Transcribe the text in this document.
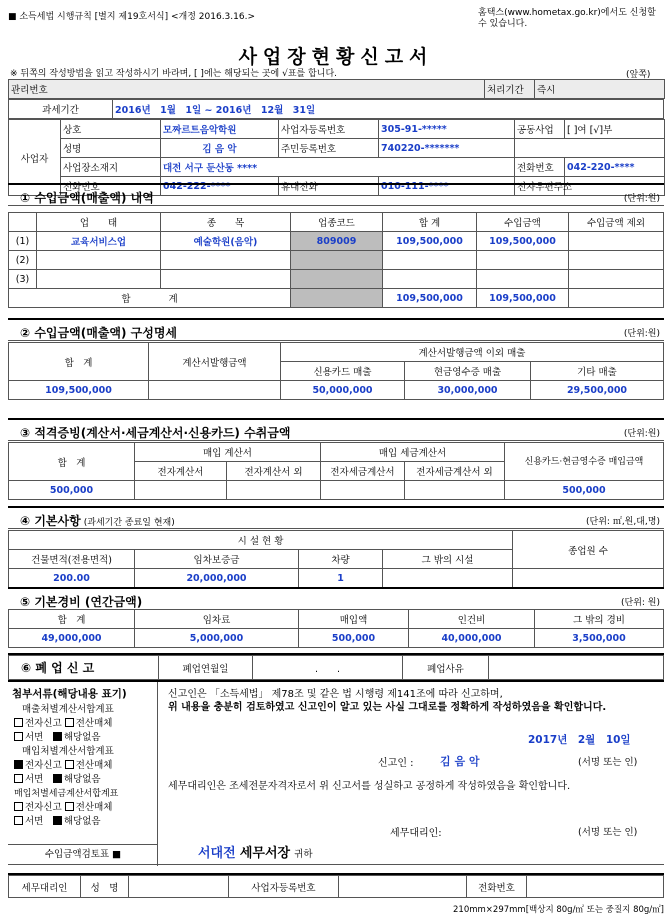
■ 소득세법 시행규칙 [별지 제19호서식] <개정 2016.3.16.>	홈택스(www.hometax.go.kr)에서도 신청할 수 있습니다.
사업장현황신고서
※ 뒤쪽의 작성방법을 읽고 작성하시기 바라며, [ ]에는 해당되는 곳에 √표를 합니다.	(앞쪽)
관리번호	처리기간	즉시
과세기간	2016년　1월　1일 ~ 2016년　12월　31일
사업자	상호	모짜르트음악학원	사업자등록번호	305-91-*****	공동사업	[ ]여 [√]부
	성명	김 음 악	주민등록번호	740220-*******		
	사업장소재지	대전 서구 둔산동 ****			전화번호	042-220-****
	전화번호	042-222-****	휴대전화	010-111-****	전자우편주소	
① 수입금액(매출액) 내역	(단위:원)
	업　　태	종　　목	업종코드	합 계	수입금액	수입금액 제외
(1)	교육서비스업	예술학원(음악)	809009	109,500,000	109,500,000	
(2)						
(3)						
합　　　　계				109,500,000	109,500,000	
② 수입금액(매출액) 구성명세	(단위:원)
합　계	계산서발행금액	계산서발행금액 이외 매출		
		신용카드 매출	현금영수증 매출	기타 매출
109,500,000		50,000,000	30,000,000	29,500,000
③ 적격증빙(계산서·세금계산서·신용카드) 수취금액	(단위:원)
합　계	매입 계산서		매입 세금계산서		신용카드·현금영수증 매입금액
	전자계산서	전자계산서 외	전자세금계산서	전자세금계산서 외	
500,000					500,000
④ 기본사항 (과세기간 종료일 현재)	(단위: ㎡,원,대,명)
시 설 현 황				종업원 수
건물면적(전용면적)	임차보증금	차량	그 밖의 시설	
200.00	20,000,000	1		
⑤ 기본경비 (연간금액)	(단위: 원)
합　계	임차료	매입액	인건비	그 밖의 경비
49,000,000	5,000,000	500,000	40,000,000	3,500,000
⑥ 폐 업 신 고	폐업연월일	.　　.	폐업사유	
첨부서류(해당내용 표기)
매출처별계산서합계표
전자신고 전산매체
서면　 해당없음
매입처별계산서합계표
전자신고 전산매체
서면　 해당없음
매입처별세금계산서합계표
전자신고 전산매체
서면　 해당없음
수입금액검토표 ■
신고인은 「소득세법」 제78조 및 같은 법 시행령 제141조에 따라 신고하며,
위 내용을 충분히 검토하였고 신고인이 알고 있는 사실 그대로를 정확하게 작성하였음을 확인합니다.
2017년　2월　10일
신고인 : 김 음 악	(서명 또는 인)
세무대리인은 조세전문자격자로서 위 신고서를 성실하고 공정하게 작성하였음을 확인합니다.
세무대리인:	(서명 또는 인)
서대전 세무서장 귀하
세무대리인	성　명		사업자등록번호		전화번호	
210mm×297mm[백상지 80g/㎡ 또는 중질지 80g/㎡]
